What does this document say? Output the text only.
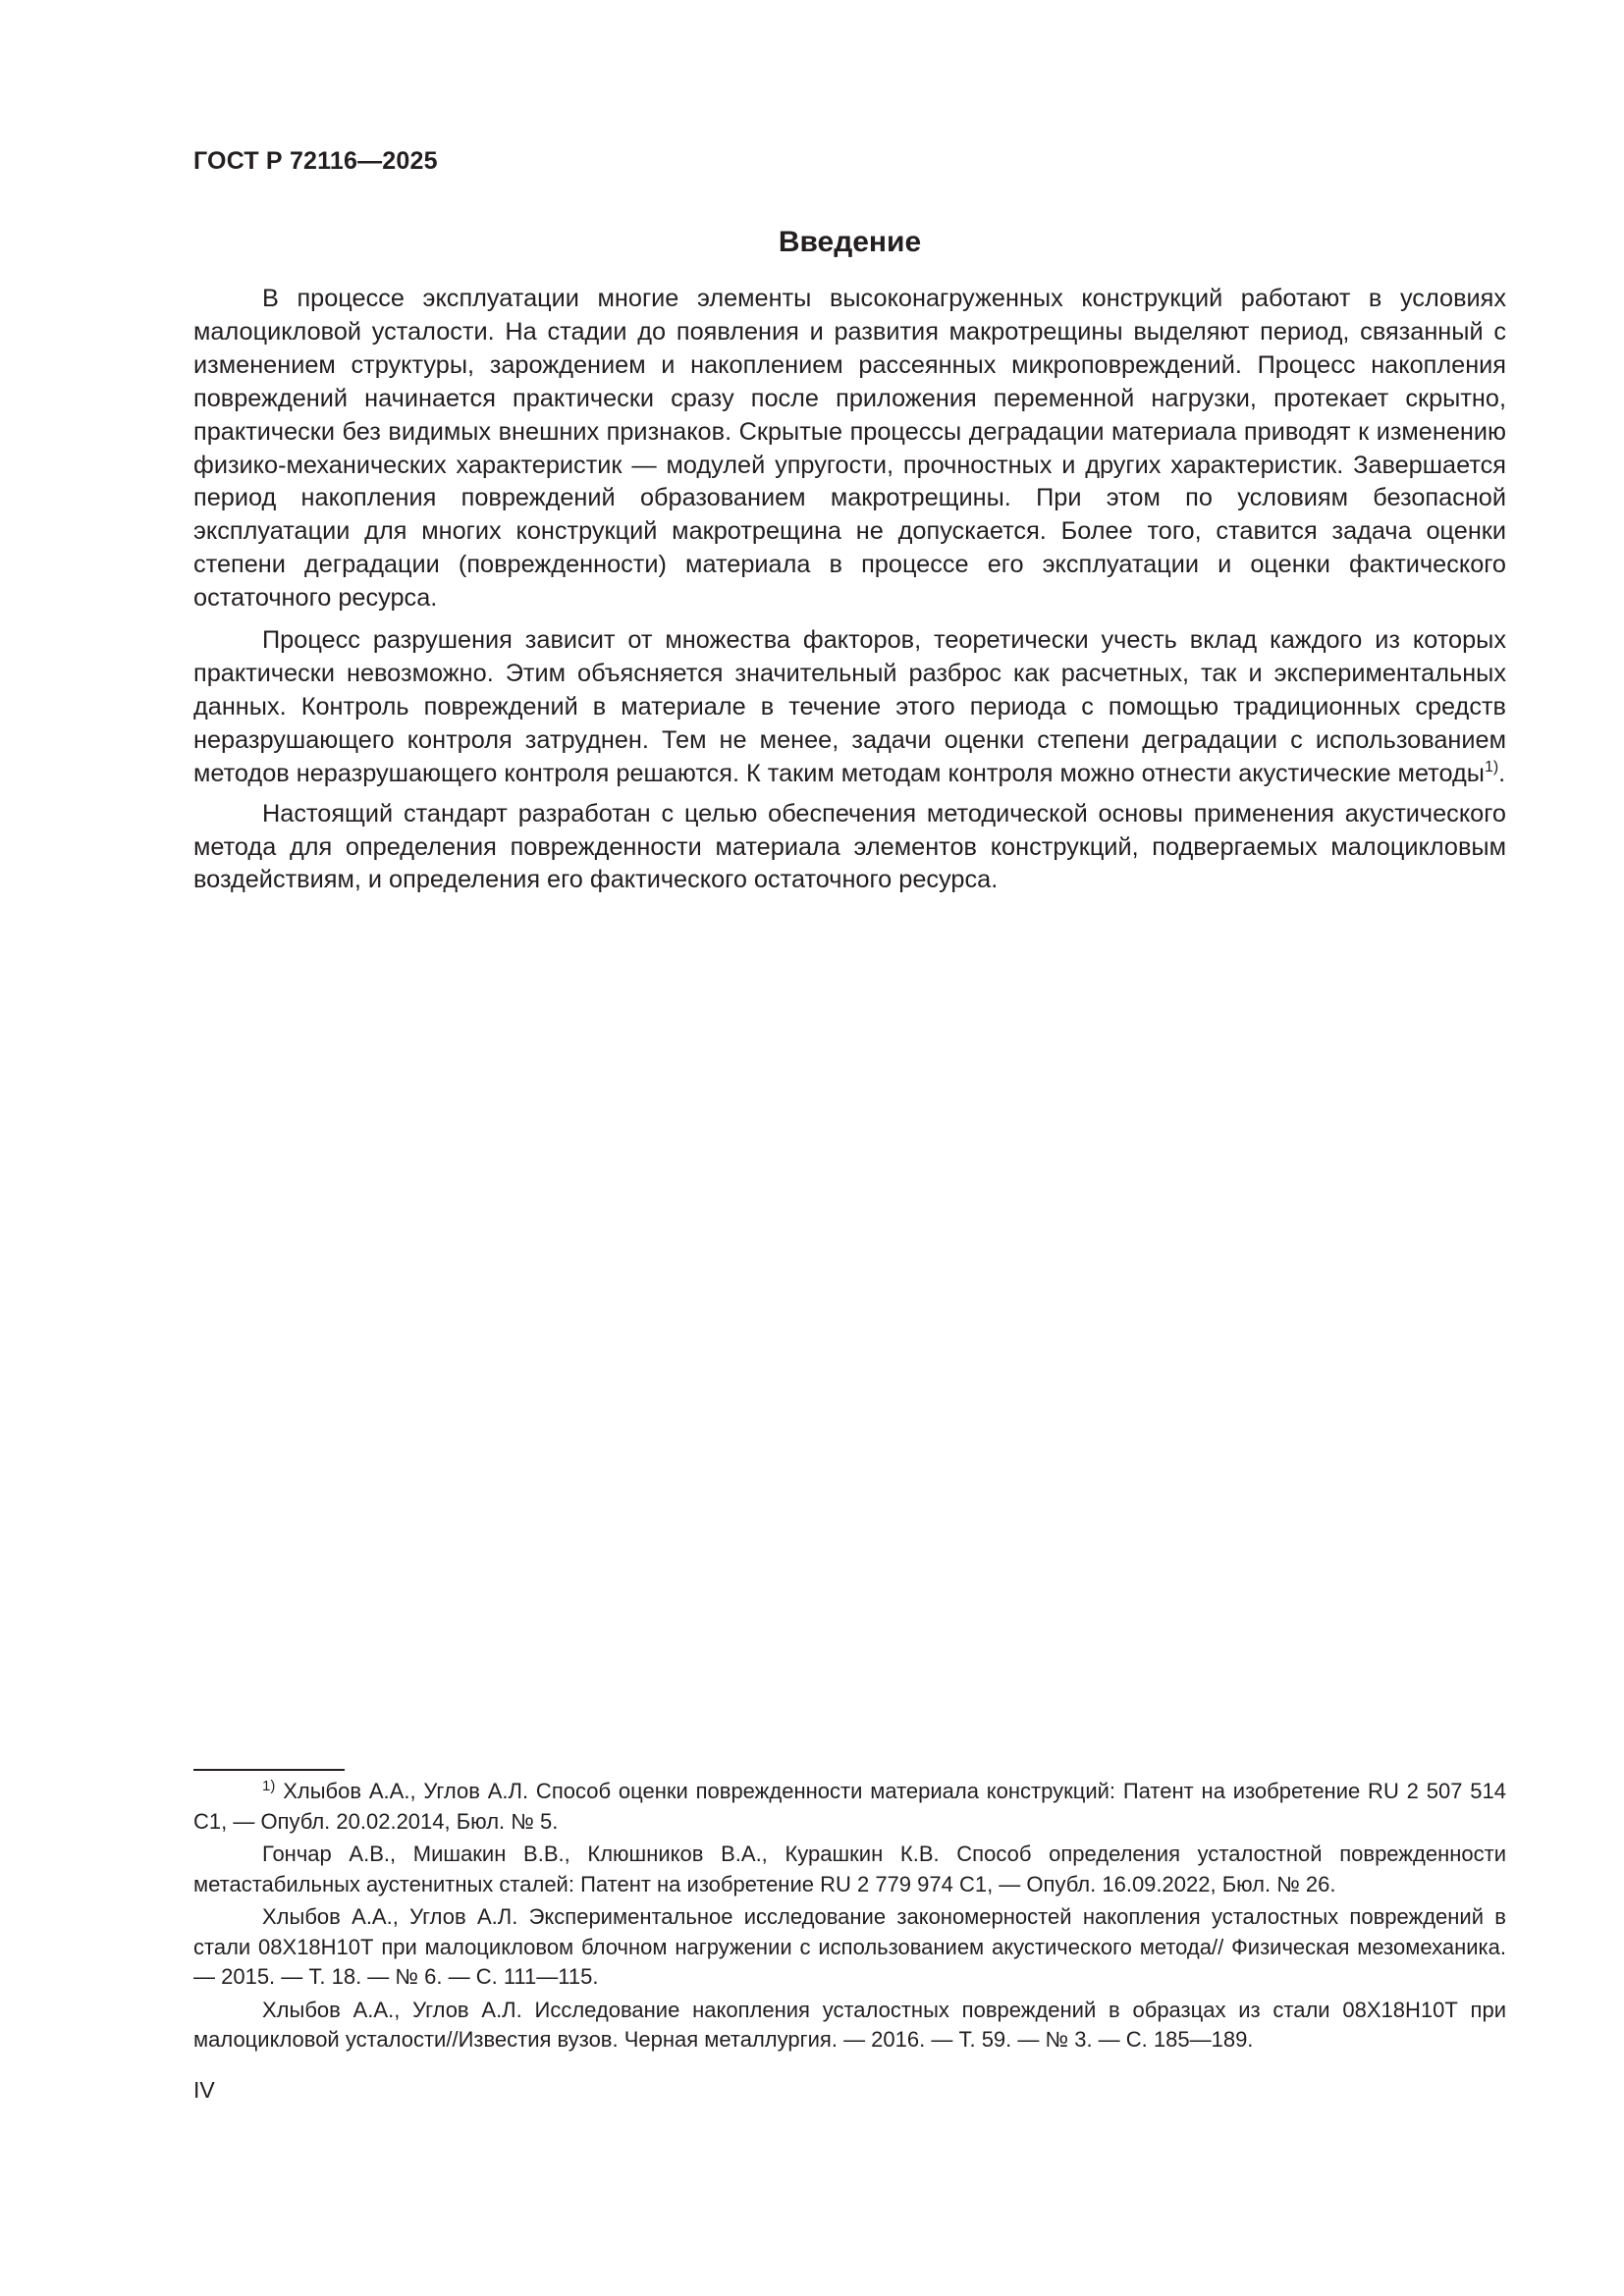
ГОСТ Р 72116—2025
Введение

В процессе эксплуатации многие элементы высоконагруженных конструкций работают в условиях малоцикловой усталости. На стадии до появления и развития макротрещины выделяют период, связанный с изменением структуры, зарождением и накоплением рассеянных микроповреждений. Процесс накопления повреждений начинается практически сразу после приложения переменной нагрузки, протекает скрытно, практически без видимых внешних признаков. Скрытые процессы деградации материала приводят к изменению физико-механических характеристик — модулей упругости, прочностных и других характеристик. Завершается период накопления повреждений образованием макротрещины. При этом по условиям безопасной эксплуатации для многих конструкций макротрещина не допускается. Более того, ставится задача оценки степени деградации (поврежденности) материала в процессе его эксплуатации и оценки фактического остаточного ресурса.

Процесс разрушения зависит от множества факторов, теоретически учесть вклад каждого из которых практически невозможно. Этим объясняется значительный разброс как расчетных, так и экспериментальных данных. Контроль повреждений в материале в течение этого периода с помощью традиционных средств неразрушающего контроля затруднен. Тем не менее, задачи оценки степени деградации с использованием методов неразрушающего контроля решаются. К таким методам контроля можно отнести акустические методы$^{1)}$.

Настоящий стандарт разработан с целью обеспечения методической основы применения акустического метода для определения поврежденности материала элементов конструкций, подвергаемых малоцикловым воздействиям, и определения его фактического остаточного ресурса.

$^{1)}$ Хлыбов А.А., Углов А.Л. Способ оценки поврежденности материала конструкций: Патент на изобретение RU 2 507 514 С1, — Опубл. 20.02.2014, Бюл. № 5.

Гончар А.В., Мишакин В.В., Клюшников В.А., Курашкин К.В. Способ определения усталостной поврежденности метастабильных аустенитных сталей: Патент на изобретение RU 2 779 974 С1, — Опубл. 16.09.2022, Бюл. № 26.

Хлыбов А.А., Углов А.Л. Экспериментальное исследование закономерностей накопления усталостных повреждений в стали 08Х18Н10Т при малоцикловом блочном нагружении с использованием акустического метода// Физическая мезомеханика. — 2015. — Т. 18. — № 6. — С. 111—115.

Хлыбов А.А., Углов А.Л. Исследование накопления усталостных повреждений в образцах из стали 08Х18Н10Т при малоцикловой усталости//Известия вузов. Черная металлургия. — 2016. — Т. 59. — № 3. — С. 185—189.

IV
